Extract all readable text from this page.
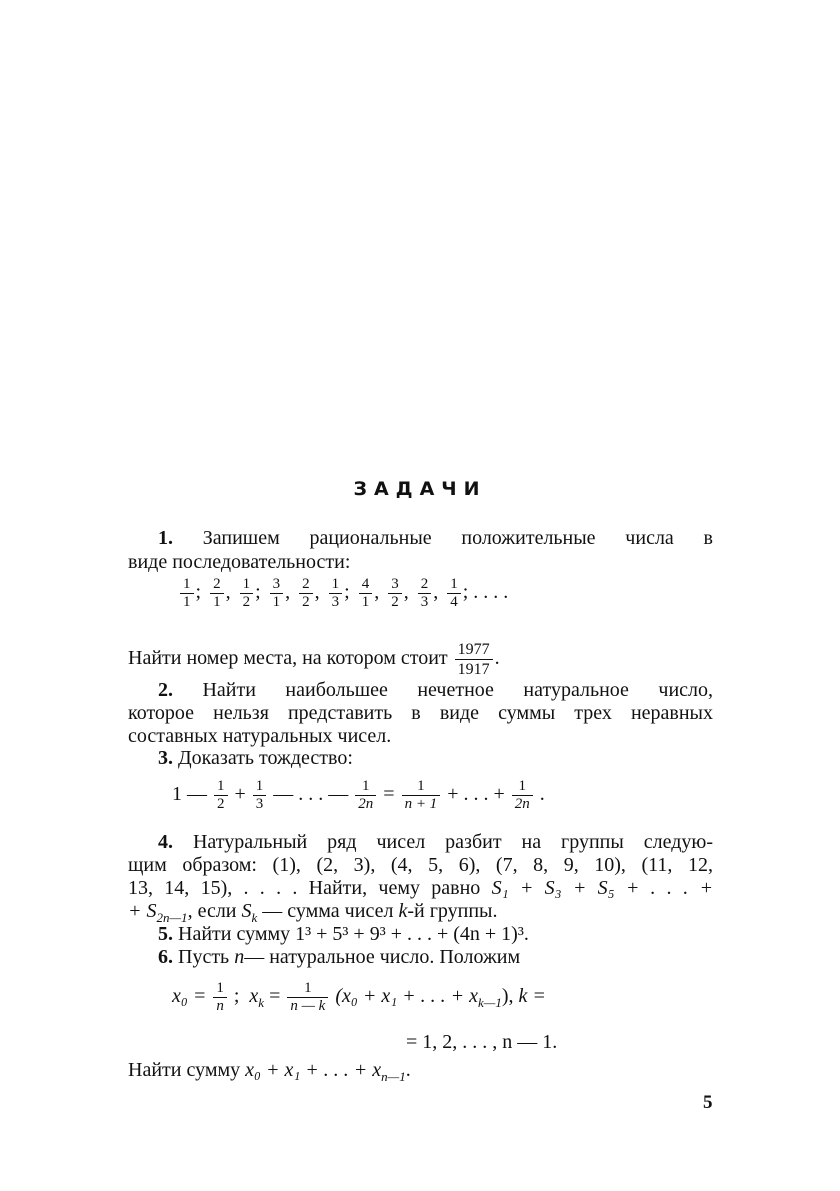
ЗАДАЧИ
1. Запишем рациональные положительные числа в
виде последовательности:
$\frac{1}{1}$ ; $\frac{2}{1}$ , $\frac{1}{2}$ ; $\frac{3}{1}$ , $\frac{2}{2}$ , $\frac{1}{3}$ ; $\frac{4}{1}$ , $\frac{3}{2}$ , $\frac{2}{3}$ , $\frac{1}{4}$ ; . . . .
Найти номер места, на котором стоит $\frac{1977}{1917}$ .
2. Найти наибольшее нечетное натуральное число,
которое нельзя представить в виде суммы трех неравных
составных натуральных чисел.
3. Доказать тождество:
1 — $\frac{1}{2} + \frac{1}{3}$ — . . . — $\frac{1}{2n} = \frac{1}{n + 1}$ + . . . + $\frac{1}{2n}$ .
4. Натуральный ряд чисел разбит на группы следую-
щим образом: (1), (2, 3), (4, 5, 6), (7, 8, 9, 10), (11, 12,
13, 14, 15), . . . . Найти, чему равно S₁ + S₃ + S₅ + . . . +
+ $S_{2n—1}$, если $S_k$ — сумма чисел k-й группы.
5. Найти сумму 1³ + 5³ + 9³ + . . . + (4n + 1)³.
6. Пусть n— натуральное число. Положим
$x_0 = \frac{1}{n}$ ; $x_k = \frac{1}{n — k} (x_0 + x_1$ + . . . + $x_{k—1}$), k =
= 1, 2, . . . , n — 1.
Найти сумму x₀ + x₁ + . . . + $x_{n—1}$.
5
